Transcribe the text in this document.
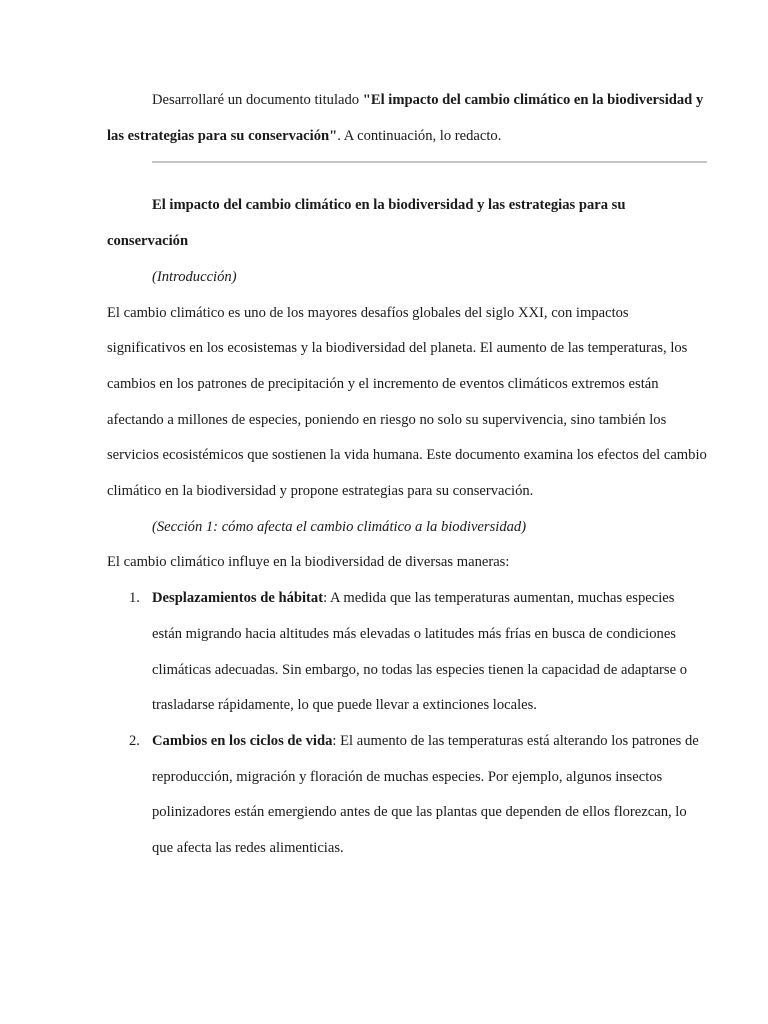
Desarrollaré un documento titulado "El impacto del cambio climático en la biodiversidad y las estrategias para su conservación". A continuación, lo redacto.

El impacto del cambio climático en la biodiversidad y las estrategias para su conservación

(Introducción)

El cambio climático es uno de los mayores desafíos globales del siglo XXI, con impactos significativos en los ecosistemas y la biodiversidad del planeta. El aumento de las temperaturas, los cambios en los patrones de precipitación y el incremento de eventos climáticos extremos están afectando a millones de especies, poniendo en riesgo no solo su supervivencia, sino también los servicios ecosistémicos que sostienen la vida humana. Este documento examina los efectos del cambio climático en la biodiversidad y propone estrategias para su conservación.

(Sección 1: cómo afecta el cambio climático a la biodiversidad)

El cambio climático influye en la biodiversidad de diversas maneras:

1. Desplazamientos de hábitat: A medida que las temperaturas aumentan, muchas especies están migrando hacia altitudes más elevadas o latitudes más frías en busca de condiciones climáticas adecuadas. Sin embargo, no todas las especies tienen la capacidad de adaptarse o trasladarse rápidamente, lo que puede llevar a extinciones locales.
2. Cambios en los ciclos de vida: El aumento de las temperaturas está alterando los patrones de reproducción, migración y floración de muchas especies. Por ejemplo, algunos insectos polinizadores están emergiendo antes de que las plantas que dependen de ellos florezcan, lo que afecta las redes alimenticias.
